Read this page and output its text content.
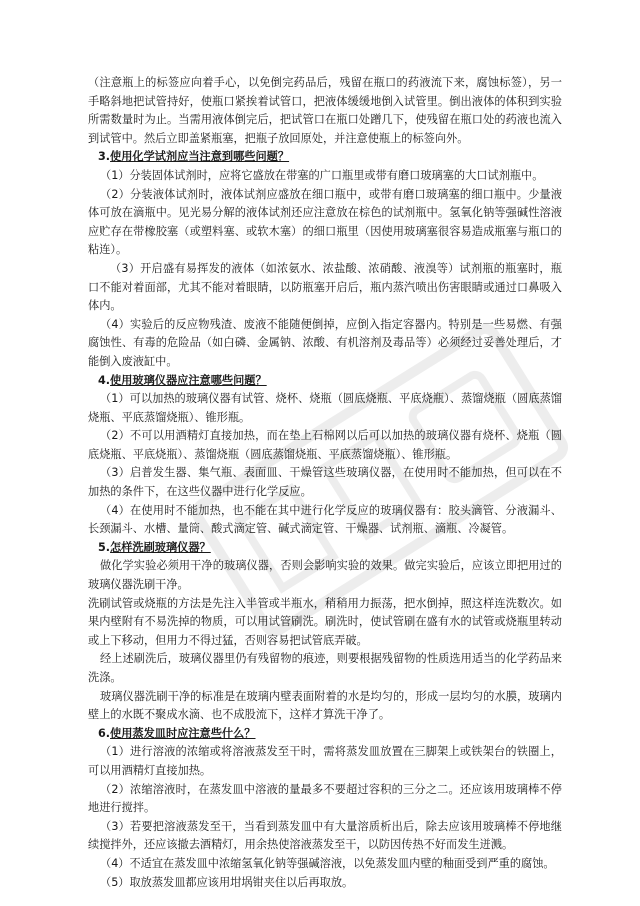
（注意瓶上的标签应向着手心，以免倒完药品后，残留在瓶口的药液流下来，腐蚀标签），另一手略斜地把试管持好，使瓶口紧挨着试管口，把液体缓缓地倒入试管里。倒出液体的体积到实验所需数量时为止。当需用液体倒完后，把试管口在瓶口处蹭几下，使残留在瓶口处的药液也流入到试管中。然后立即盖紧瓶塞，把瓶子放回原处，并注意使瓶上的标签向外。

3.使用化学试剂应当注意到哪些问题？

（1）分装固体试剂时，应将它盛放在带塞的广口瓶里或带有磨口玻璃塞的大口试剂瓶中。

（2）分装液体试剂时，液体试剂应盛放在细口瓶中，或带有磨口玻璃塞的细口瓶中。少量液体可放在滴瓶中。见光易分解的液体试剂还应注意放在棕色的试剂瓶中。氢氧化钠等强碱性溶液应贮存在带橡胶塞（或塑料塞、或软木塞）的细口瓶里（因使用玻璃塞很容易造成瓶塞与瓶口的粘连）。

（3）开启盛有易挥发的液体（如浓氨水、浓盐酸、浓硝酸、液溴等）试剂瓶的瓶塞时，瓶口不能对着面部，尤其不能对着眼睛，以防瓶塞开启后，瓶内蒸汽喷出伤害眼睛或通过口鼻吸入体内。

（4）实验后的反应物残渣、废液不能随便倒掉，应倒入指定容器内。特别是一些易燃、有强腐蚀性、有毒的危险品（如白磷、金属钠、浓酸、有机溶剂及毒品等）必须经过妥善处理后，才能倒入废液缸中。

4.使用玻璃仪器应注意哪些问题？

（1）可以加热的玻璃仪器有试管、烧杯、烧瓶（圆底烧瓶、平底烧瓶）、蒸馏烧瓶（圆底蒸馏烧瓶、平底蒸馏烧瓶）、锥形瓶。

（2）不可以用酒精灯直接加热，而在垫上石棉网以后可以加热的玻璃仪器有烧杯、烧瓶（圆底烧瓶、平底烧瓶）、蒸馏烧瓶（圆底蒸馏烧瓶、平底蒸馏烧瓶）、锥形瓶。

（3）启普发生器、集气瓶、表面皿、干燥管这些玻璃仪器，在使用时不能加热，但可以在不加热的条件下，在这些仪器中进行化学反应。

（4）在使用时不能加热，也不能在其中进行化学反应的玻璃仪器有：胶头滴管、分液漏斗、长颈漏斗、水槽、量筒、酸式滴定管、碱式滴定管、干燥器、试剂瓶、滴瓶、冷凝管。

5.怎样洗刷玻璃仪器？

做化学实验必须用干净的玻璃仪器，否则会影响实验的效果。做完实验后，应该立即把用过的玻璃仪器洗刷干净。

洗刷试管或烧瓶的方法是先注入半管或半瓶水，稍稍用力振荡，把水倒掉，照这样连洗数次。如果内壁附有不易洗掉的物质，可以用试管刷洗。刷洗时，使试管刷在盛有水的试管或烧瓶里转动或上下移动，但用力不得过猛，否则容易把试管底弄破。

经上述刷洗后，玻璃仪器里仍有残留物的痕迹，则要根据残留物的性质选用适当的化学药品来洗涤。

玻璃仪器洗刷干净的标准是在玻璃内壁表面附着的水是均匀的，形成一层均匀的水膜，玻璃内壁上的水既不聚成水滴、也不成股流下，这样才算洗干净了。

6.使用蒸发皿时应注意些什么？

（1）进行溶液的浓缩或将溶液蒸发至干时，需将蒸发皿放置在三脚架上或铁架台的铁圈上，可以用酒精灯直接加热。

（2）浓缩溶液时，在蒸发皿中溶液的量最多不要超过容积的三分之二。还应该用玻璃棒不停地进行搅拌。

（3）若要把溶液蒸发至干，当看到蒸发皿中有大量溶质析出后，除去应该用玻璃棒不停地继续搅拌外，还应该撤去酒精灯，用余热使溶液蒸发至干，以防因传热不好而发生迸溅。

（4）不适宜在蒸发皿中浓缩氢氧化钠等强碱溶液，以免蒸发皿内壁的釉面受到严重的腐蚀。

（5）取放蒸发皿都应该用坩埚钳夹住以后再取放。
